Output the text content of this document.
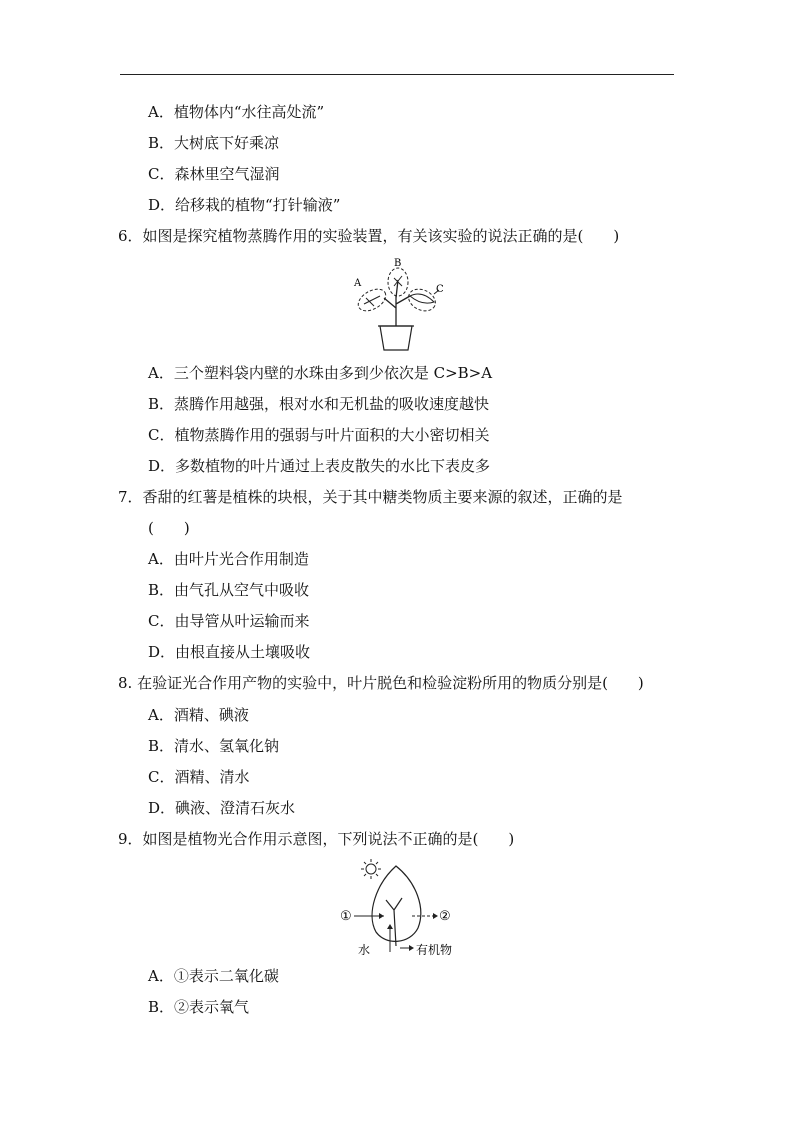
A．植物体内“水往高处流”
B．大树底下好乘凉
C．森林里空气湿润
D．给移栽的植物“打针输液”
6．如图是探究植物蒸腾作用的实验装置，有关该实验的说法正确的是(　　)
A
B
C
A．三个塑料袋内壁的水珠由多到少依次是 C>B>A
B．蒸腾作用越强，根对水和无机盐的吸收速度越快
C．植物蒸腾作用的强弱与叶片面积的大小密切相关
D．多数植物的叶片通过上表皮散失的水比下表皮多
7．香甜的红薯是植株的块根，关于其中糖类物质主要来源的叙述，正确的是
(　　)
A．由叶片光合作用制造
B．由气孔从空气中吸收
C．由导管从叶运输而来
D．由根直接从土壤吸收
8. 在验证光合作用产物的实验中，叶片脱色和检验淀粉所用的物质分别是(　　)
A．酒精、碘液
B．清水、氢氧化钠
C．酒精、清水
D．碘液、澄清石灰水
9．如图是植物光合作用示意图，下列说法不正确的是(　　)
①	②
水	有机物
A．①表示二氧化碳
B．②表示氧气
